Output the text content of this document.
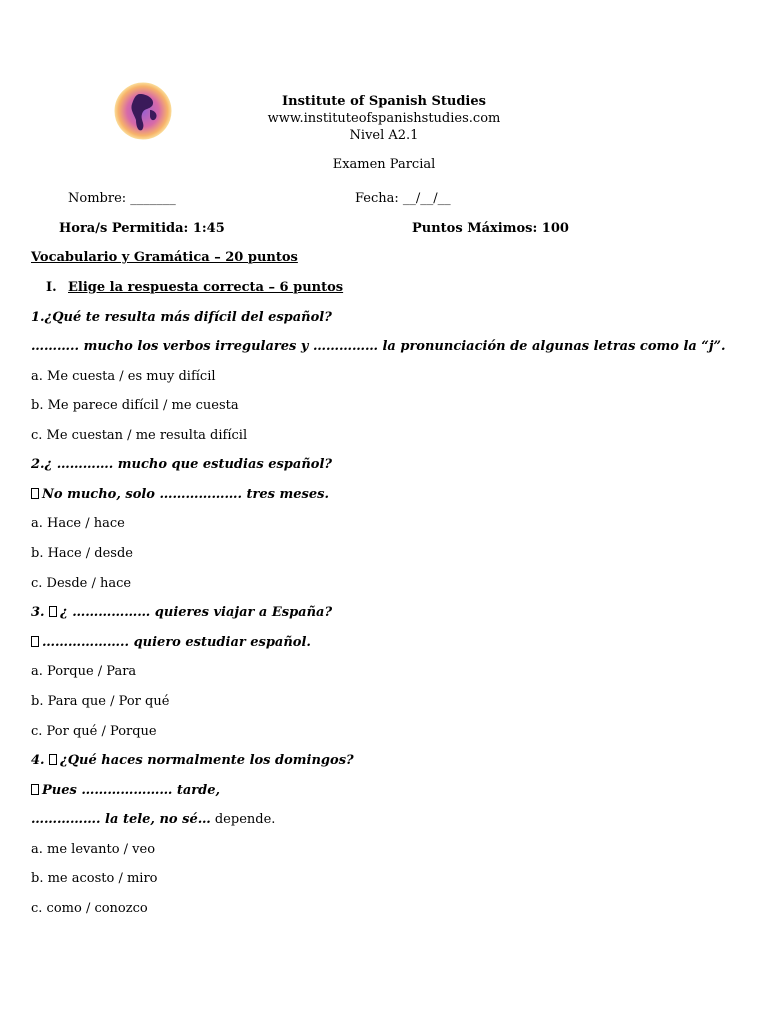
Institute of Spanish Studies
www.instituteofspanishstudies.com
Nivel A2.1
Examen Parcial
Nombre: _______	Fecha: __/__/__
Hora/s Permitida: 1:45	Puntos Máximos: 100
Vocabulario y Gramática – 20 puntos
I. Elige la respuesta correcta – 6 puntos
1.¿Qué te resulta más difícil del español?
……….. mucho los verbos irregulares y …………… la pronunciación de algunas letras como la “j”.
a. Me cuesta / es muy difícil
b. Me parece difícil / me cuesta
c. Me cuestan / me resulta difícil
2.¿ …………. mucho que estudias español?
No mucho, solo ………………. tres meses.
a. Hace / hace
b. Hace / desde
c. Desde / hace
3. ¿ ……………… quieres viajar a España?
……………….. quiero estudiar español.
a. Porque / Para
b. Para que / Por qué
c. Por qué / Porque
4. ¿Qué haces normalmente los domingos?
Pues ………………… tarde,
……………. la tele, no sé… depende.
a. me levanto / veo
b. me acosto / miro
c. como / conozco
